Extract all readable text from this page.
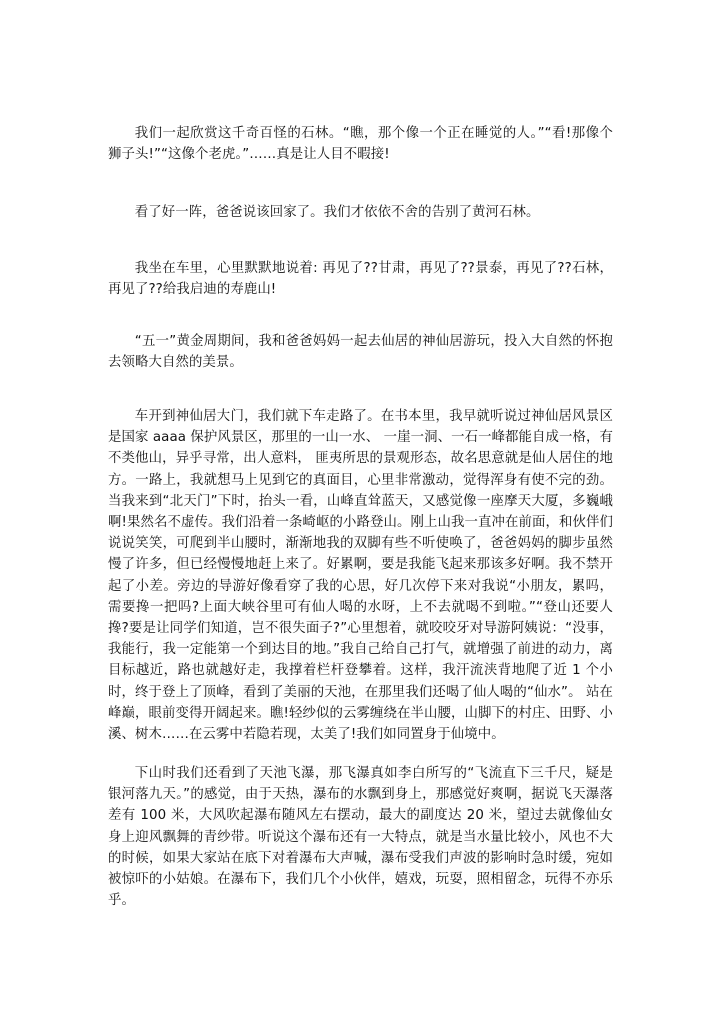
我们一起欣赏这千奇百怪的石林。“瞧，那个像一个正在睡觉的人。”“看!那像个狮子头!”“这像个老虎。”……真是让人目不暇接!

看了好一阵，爸爸说该回家了。我们才依依不舍的告别了黄河石林。

我坐在车里，心里默默地说着: 再见了??甘肃，再见了??景泰，再见了??石林，再见了??给我启迪的寿鹿山!

“五一”黄金周期间，我和爸爸妈妈一起去仙居的神仙居游玩，投入大自然的怀抱去领略大自然的美景。

车开到神仙居大门，我们就下车走路了。在书本里，我早就听说过神仙居风景区是国家 aaaa 保护风景区，那里的一山一水、 一崖一洞、一石一峰都能自成一格，有不类他山，异乎寻常，出人意料， 匪夷所思的景观形态，故名思意就是仙人居住的地方。一路上，我就想马上见到它的真面目，心里非常激动，觉得浑身有使不完的劲。当我来到“北天门”下时，抬头一看，山峰直耸蓝天，又感觉像一座摩天大厦，多巍峨啊!果然名不虚传。我们沿着一条崎岖的小路登山。刚上山我一直冲在前面，和伙伴们说说笑笑，可爬到半山腰时，渐渐地我的双脚有些不听使唤了，爸爸妈妈的脚步虽然慢了许多，但已经慢慢地赶上来了。好累啊，要是我能飞起来那该多好啊。我不禁开起了小差。旁边的导游好像看穿了我的心思，好几次停下来对我说“小朋友，累吗，需要搀一把吗?上面大峡谷里可有仙人喝的水呀，上不去就喝不到啦。”“登山还要人搀?要是让同学们知道，岂不很失面子?”心里想着，就咬咬牙对导游阿姨说：“没事，我能行，我一定能第一个到达目的地。”我自己给自己打气，就增强了前进的动力，离目标越近，路也就越好走，我撑着栏杆登攀着。这样，我汗流浃背地爬了近 1 个小时，终于登上了顶峰，看到了美丽的天池，在那里我们还喝了仙人喝的“仙水”。 站在峰巅，眼前变得开阔起来。瞧!轻纱似的云雾缠绕在半山腰，山脚下的村庄、田野、小溪、树木……在云雾中若隐若现，太美了!我们如同置身于仙境中。

下山时我们还看到了天池飞瀑，那飞瀑真如李白所写的“飞流直下三千尺，疑是银河落九天。”的感觉，由于天热，瀑布的水飘到身上，那感觉好爽啊，据说飞天瀑落差有 100 米，大风吹起瀑布随风左右摆动，最大的副度达 20 米，望过去就像仙女身上迎风飘舞的青纱带。听说这个瀑布还有一大特点，就是当水量比较小，风也不大的时候，如果大家站在底下对着瀑布大声喊，瀑布受我们声波的影响时急时缓，宛如被惊吓的小姑娘。在瀑布下，我们几个小伙伴，嬉戏，玩耍，照相留念，玩得不亦乐乎。
